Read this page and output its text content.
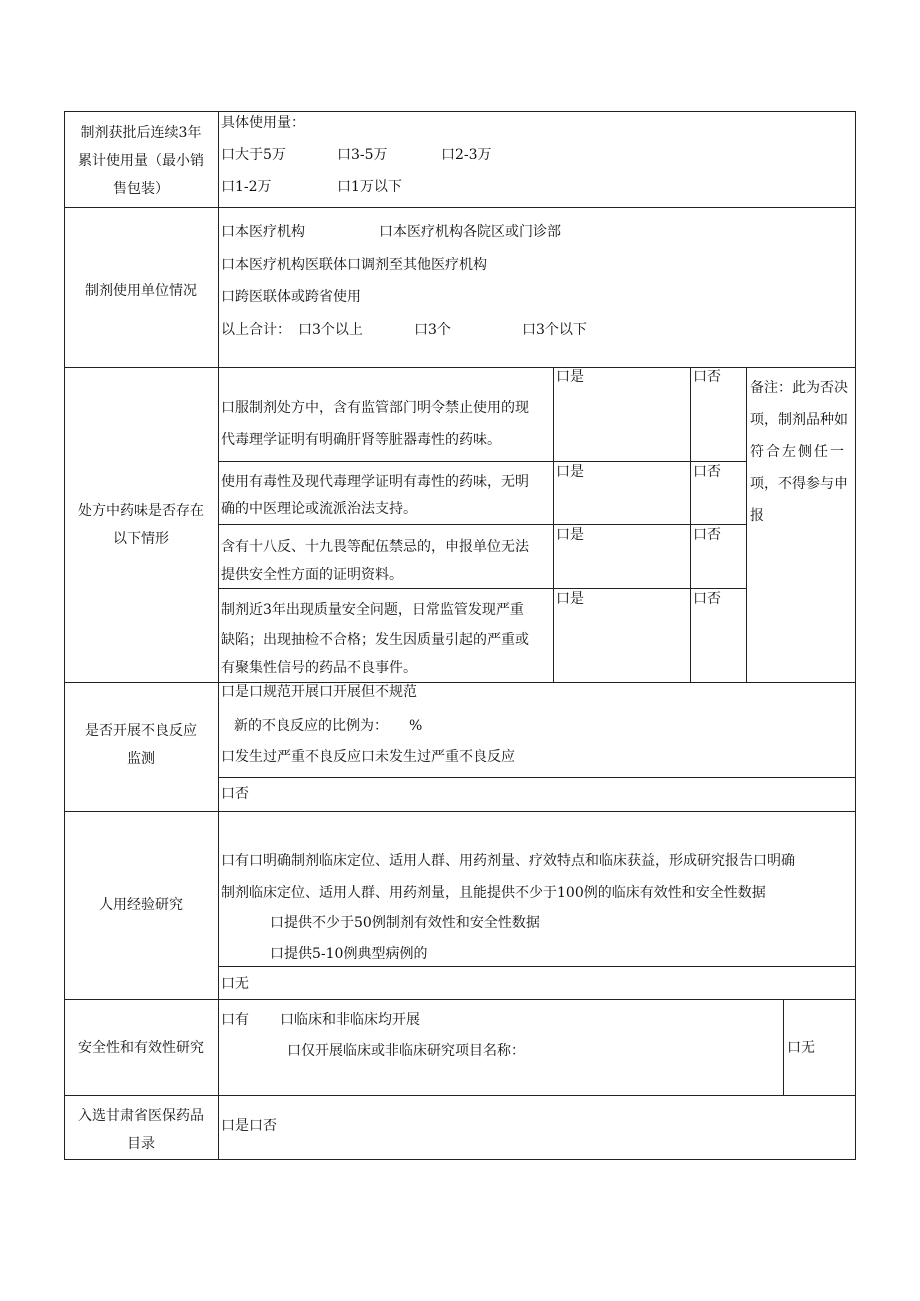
制剂获批后连续3年
累计使用量（最小销
售包装）
具体使用量：
口大于5万	口3-5万	口2-3万
口1-2万	口1万以下
制剂使用单位情况
口本医疗机构	口本医疗机构各院区或门诊部
口本医疗机构医联体口调剂至其他医疗机构
口跨医联体或跨省使用
以上合计： 口3个以上	口3个	口3个以下
处方中药味是否存在
以下情形
口服制剂处方中，含有监管部门明令禁止使用的现
代毒理学证明有明确肝肾等脏器毒性的药味。
口是	口否
使用有毒性及现代毒理学证明有毒性的药味，无明
确的中医理论或流派治法支持。
口是	口否
含有十八反、十九畏等配伍禁忌的，申报单位无法
提供安全性方面的证明资料。
口是	口否
制剂近3年出现质量安全问题，日常监管发现严重
缺陷；出现抽检不合格；发生因质量引起的严重或
有聚集性信号的药品不良事件。
口是	口否
备注：此为否决
项，制剂品种如
符合左侧任一
项，不得参与申
报
是否开展不良反应
监测
口是口规范开展口开展但不规范
新的不良反应的比例为：　　%
口发生过严重不良反应口未发生过严重不良反应
口否
人用经验研究
口有口明确制剂临床定位、适用人群、用药剂量、疗效特点和临床获益，形成研究报告口明确
制剂临床定位、适用人群、用药剂量，且能提供不少于100例的临床有效性和安全性数据
口提供不少于50例制剂有效性和安全性数据
口提供5-10例典型病例的
口无
安全性和有效性研究
口有 口临床和非临床均开展
口仅开展临床或非临床研究项目名称：	口无
入选甘肃省医保药品
目录
口是口否
